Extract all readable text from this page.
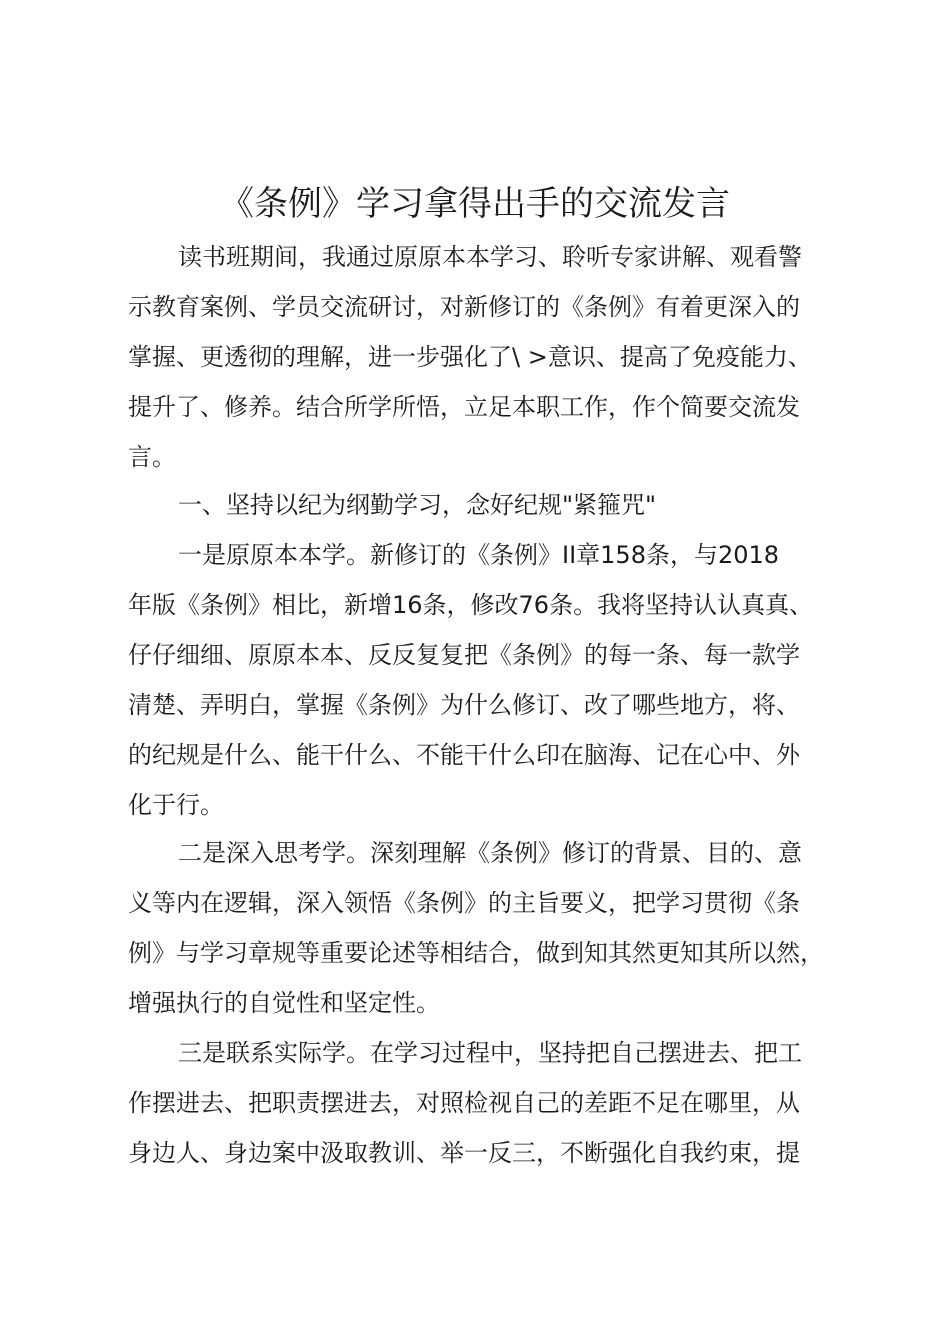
《条例》学习拿得出手的交流发言
读书班期间，我通过原原本本学习、聆听专家讲解、观看警
示教育案例、学员交流研讨，对新修订的《条例》有着更深入的
掌握、更透彻的理解，进一步强化了\ >意识、提高了免疫能力、
提升了、修养。结合所学所悟，立足本职工作，作个简要交流发
言。
一、坚持以纪为纲勤学习，念好纪规"紧箍咒"
一是原原本本学。新修订的《条例》II章158条，与2018
年版《条例》相比，新增16条，修改76条。我将坚持认认真真、
仔仔细细、原原本本、反反复复把《条例》的每一条、每一款学
清楚、弄明白，掌握《条例》为什么修订、改了哪些地方，将、
的纪规是什么、能干什么、不能干什么印在脑海、记在心中、外
化于行。
二是深入思考学。深刻理解《条例》修订的背景、目的、意
义等内在逻辑，深入领悟《条例》的主旨要义，把学习贯彻《条
例》与学习章规等重要论述等相结合，做到知其然更知其所以然，
增强执行的自觉性和坚定性。
三是联系实际学。在学习过程中，坚持把自己摆进去、把工
作摆进去、把职责摆进去，对照检视自己的差距不足在哪里，从
身边人、身边案中汲取教训、举一反三，不断强化自我约束，提
